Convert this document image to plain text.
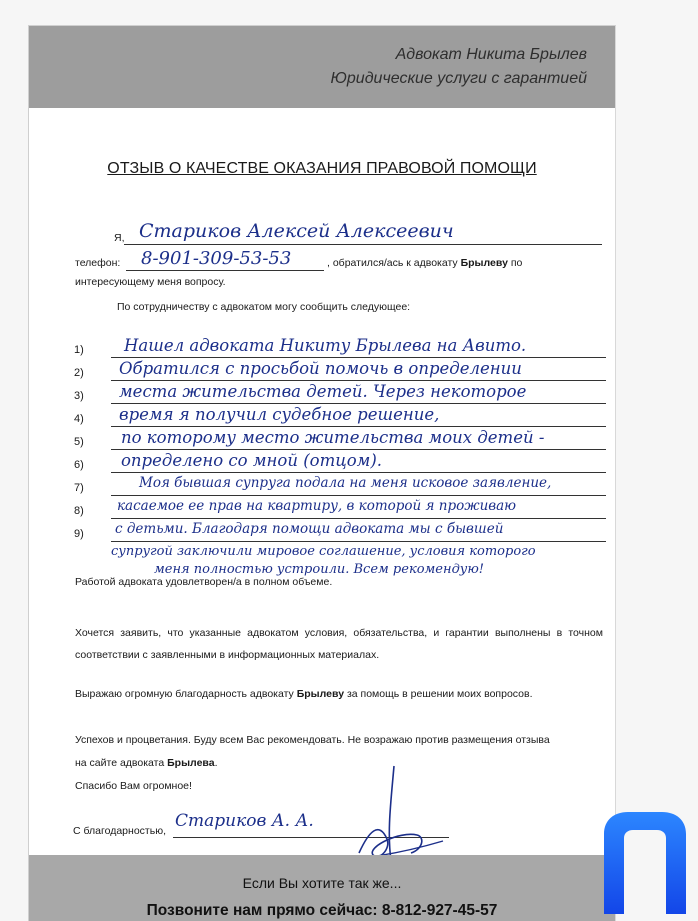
Адвокат Никита Брылев
Юридические услуги с гарантией
ОТЗЫВ О КАЧЕСТВЕ ОКАЗАНИЯ ПРАВОВОЙ ПОМОЩИ
Я, Стариков Алексей Алексеевич
телефон: 8-901-309-53-53	, обратился/ась к адвокату Брылеву по
интересующему меня вопросу.
По сотрудничеству с адвокатом могу сообщить следующее:
1) Нашел адвоката Никиту Брылева на Авито.
2) Обратился с просьбой помочь в определении
3) места жительства детей. Через некоторое
4) время я получил судебное решение,
5) по которому место жительства моих детей -
6) определено со мной (отцом).
7)	Моя бывшая супруга подала на меня исковое заявление,
8) касаемое ее прав на квартиру, в которой я проживаю
9) с детьми. Благодаря помощи адвоката мы с бывшей
супругой заключили мировое соглашение, условия которого
меня полностью устроили. Всем рекомендую!
Работой адвоката удовлетворен/а в полном объеме.
Хочется заявить, что указанные адвокатом условия, обязательства, и гарантии выполнены в точном соответствии с заявленными в информационных материалах.
Выражаю огромную благодарность адвокату Брылеву за помощь в решении моих вопросов.
Успехов и процветания. Буду всем Вас рекомендовать. Не возражаю против размещения отзыва
на сайте адвоката Брылева.
Спасибо Вам огромное!
С благодарностью, Стариков А. А.
Если Вы хотите так же...
Позвоните нам прямо сейчас: 8-812-927-45-57
